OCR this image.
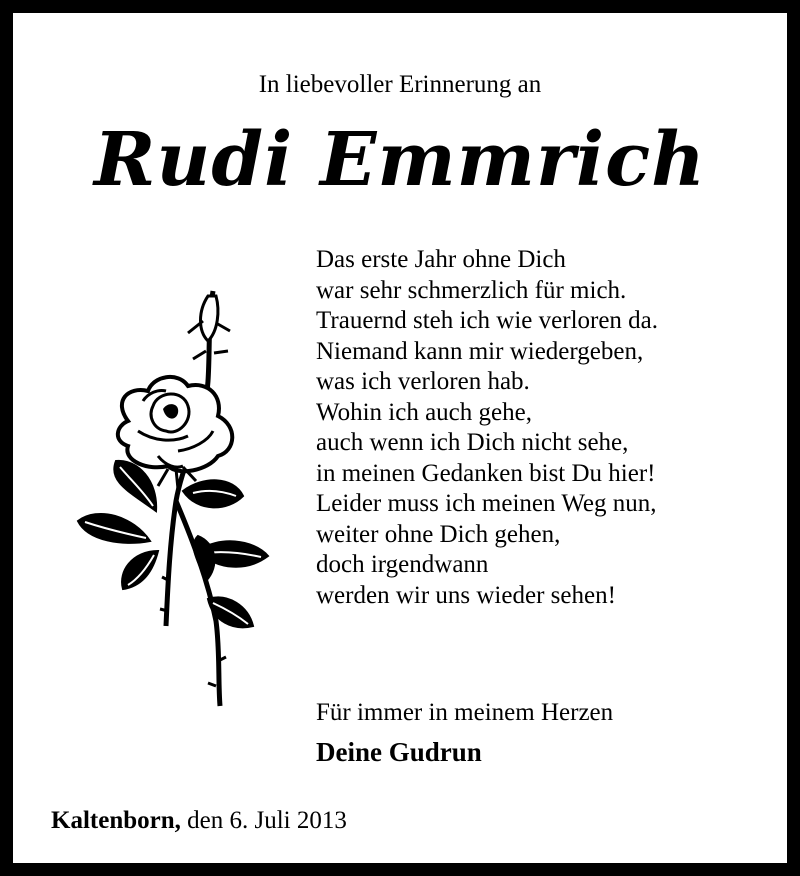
In liebevoller Erinnerung an
Rudi Emmrich
Das erste Jahr ohne Dich
war sehr schmerzlich für mich.
Trauernd steh ich wie verloren da.
Niemand kann mir wiedergeben,
was ich verloren hab.
Wohin ich auch gehe,
auch wenn ich Dich nicht sehe,
in meinen Gedanken bist Du hier!
Leider muss ich meinen Weg nun,
weiter ohne Dich gehen,
doch irgendwann
werden wir uns wieder sehen!
Für immer in meinem Herzen
Deine Gudrun
Kaltenborn, den 6. Juli 2013
